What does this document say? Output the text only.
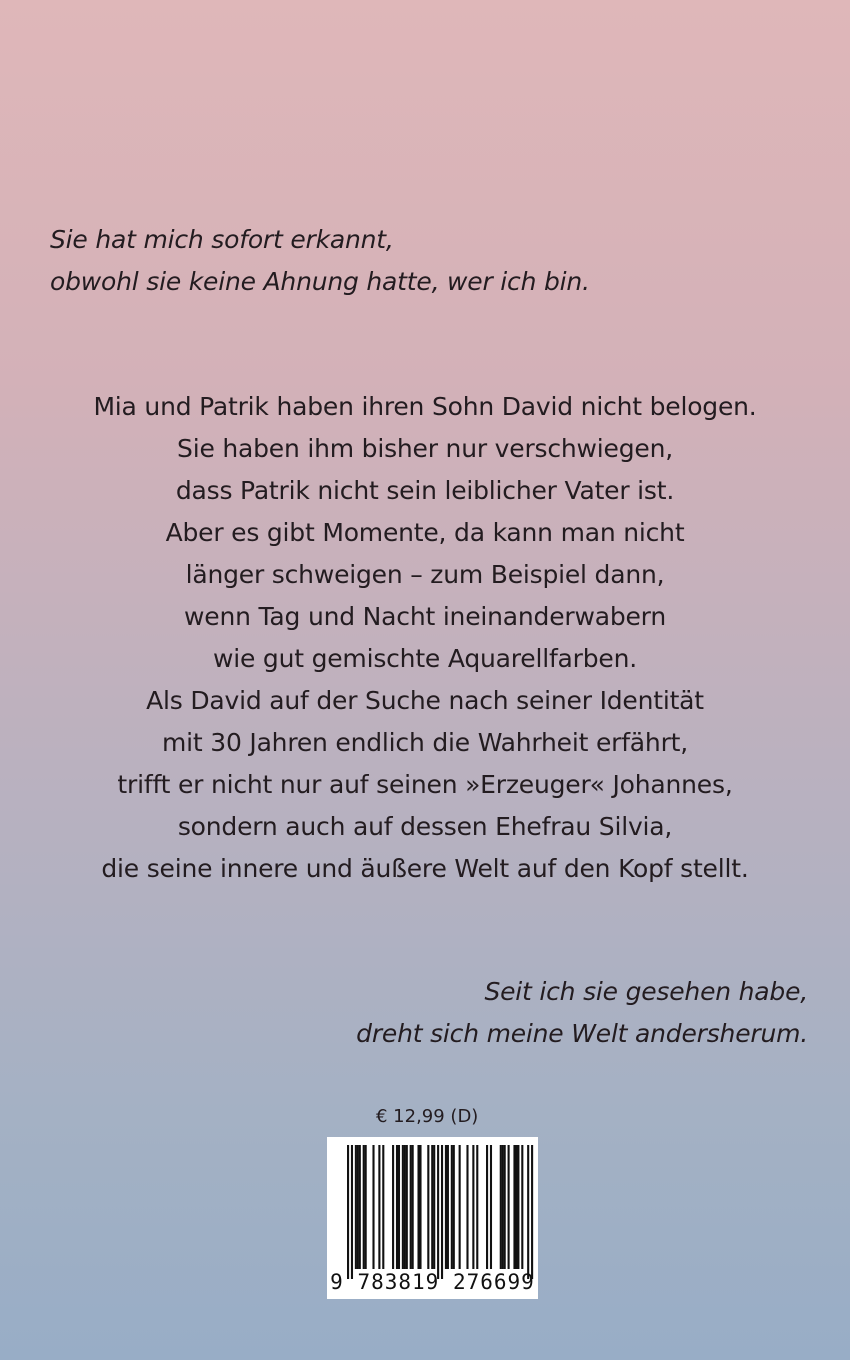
Sie hat mich sofort erkannt,
obwohl sie keine Ahnung hatte, wer ich bin.
Mia und Patrik haben ihren Sohn David nicht belogen.
Sie haben ihm bisher nur verschwiegen,
dass Patrik nicht sein leiblicher Vater ist.
Aber es gibt Momente, da kann man nicht
länger schweigen – zum Beispiel dann,
wenn Tag und Nacht ineinanderwabern
wie gut gemischte Aquarellfarben.
Als David auf der Suche nach seiner Identität
mit 30 Jahren endlich die Wahrheit erfährt,
trifft er nicht nur auf seinen »Erzeuger« Johannes,
sondern auch auf dessen Ehefrau Silvia,
die seine innere und äußere Welt auf den Kopf stellt.
Seit ich sie gesehen habe,
dreht sich meine Welt andersherum.
€ 12,99 (D)
9 783819 276699
